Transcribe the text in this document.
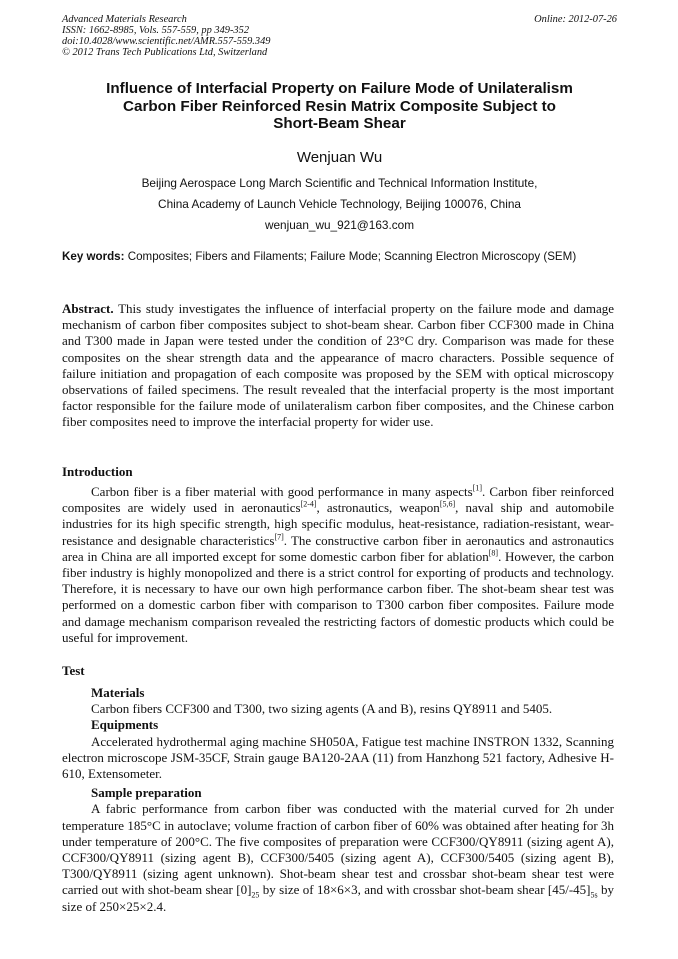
Advanced Materials Research
ISSN: 1662-8985, Vols. 557-559, pp 349-352
doi:10.4028/www.scientific.net/AMR.557-559.349
© 2012 Trans Tech Publications Ltd, Switzerland
Online: 2012-07-26
Influence of Interfacial Property on Failure Mode of Unilateralism
Carbon Fiber Reinforced Resin Matrix Composite Subject to
Short-Beam Shear
Wenjuan Wu
Beijing Aerospace Long March Scientific and Technical Information Institute,
China Academy of Launch Vehicle Technology, Beijing 100076, China
wenjuan_wu_921@163.com
Key words: Composites; Fibers and Filaments; Failure Mode; Scanning Electron Microscopy (SEM)
Abstract. This study investigates the influence of interfacial property on the failure mode and damage mechanism of carbon fiber composites subject to shot-beam shear. Carbon fiber CCF300 made in China and T300 made in Japan were tested under the condition of 23°C dry. Comparison was made for these composites on the shear strength data and the appearance of macro characters. Possible sequence of failure initiation and propagation of each composite was proposed by the SEM with optical microscopy observations of failed specimens. The result revealed that the interfacial property is the most important factor responsible for the failure mode of unilateralism carbon fiber composites, and the Chinese carbon fiber composites need to improve the interfacial property for wider use.
Introduction
Carbon fiber is a fiber material with good performance in many aspects[1]. Carbon fiber reinforced composites are widely used in aeronautics[2-4], astronautics, weapon[5,6], naval ship and automobile industries for its high specific strength, high specific modulus, heat-resistance, radiation-resistant, wear-resistance and designable characteristics[7]. The constructive carbon fiber in aeronautics and astronautics area in China are all imported except for some domestic carbon fiber for ablation[8]. However, the carbon fiber industry is highly monopolized and there is a strict control for exporting of products and technology. Therefore, it is necessary to have our own high performance carbon fiber. The shot-beam shear test was performed on a domestic carbon fiber with comparison to T300 carbon fiber composites. Failure mode and damage mechanism comparison revealed the restricting factors of domestic products which could be useful for improvement.
Test

Materials

Carbon fibers CCF300 and T300, two sizing agents (A and B), resins QY8911 and 5405.

Equipments

Accelerated hydrothermal aging machine SH050A, Fatigue test machine INSTRON 1332, Scanning electron microscope JSM-35CF, Strain gauge BA120-2AA (11) from Hanzhong 521 factory, Adhesive H-610, Extensometer.

Sample preparation

A fabric performance from carbon fiber was conducted with the material curved for 2h under temperature 185°C in autoclave; volume fraction of carbon fiber of 60% was obtained after heating for 3h under temperature of 200°C. The five composites of preparation were CCF300/QY8911 (sizing agent A), CCF300/QY8911 (sizing agent B), CCF300/5405 (sizing agent A), CCF300/5405 (sizing agent B), T300/QY8911 (sizing agent unknown). Shot-beam shear test and crossbar shot-beam shear test were carried out with shot-beam shear $[0]_{25}$ by size of 18×6×3, and with crossbar shot-beam shear $[45/-45]_{5s}$ by size of 250×25×2.4.
